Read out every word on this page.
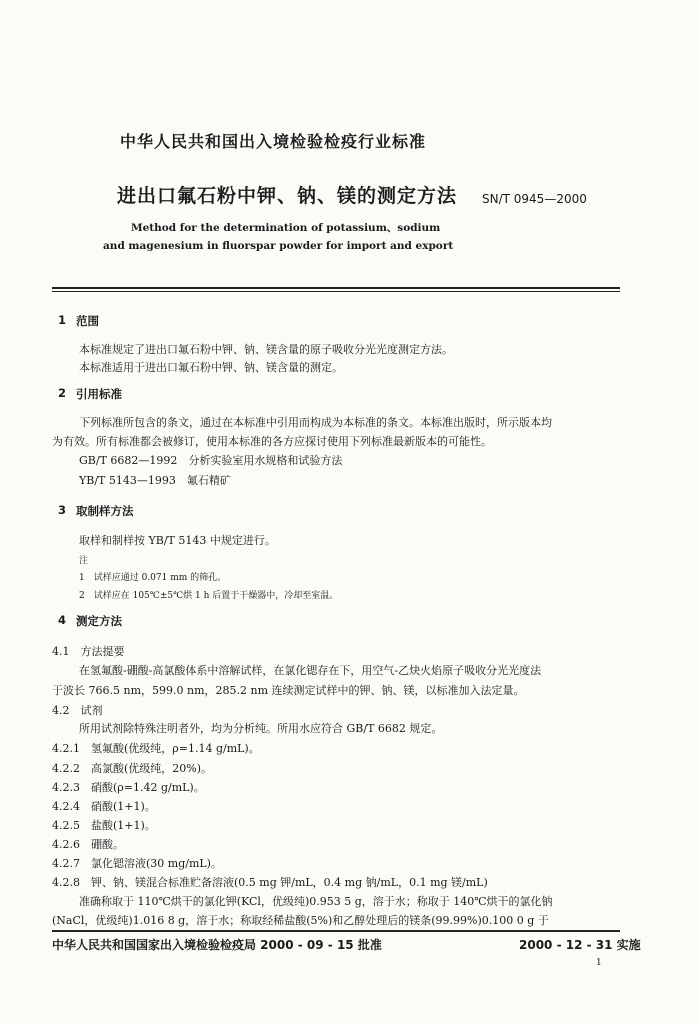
中华人民共和国出入境检验检疫行业标准
进出口氟石粉中钾、钠、镁的测定方法 SN/T 0945—2000
Method for the determination of potassium、sodium
and magenesium in fluorspar powder for import and export
1 范围
本标准规定了进出口氟石粉中钾、钠、镁含量的原子吸收分光光度测定方法。
本标准适用于进出口氟石粉中钾、钠、镁含量的测定。
2 引用标准
下列标准所包含的条文，通过在本标准中引用而构成为本标准的条文。本标准出版时，所示版本均
为有效。所有标准都会被修订，使用本标准的各方应探讨使用下列标准最新版本的可能性。
GB/T 6682—1992　分析实验室用水规格和试验方法
YB/T 5143—1993　氟石精矿
3 取制样方法
取样和制样按 YB/T 5143 中规定进行。
注
1　试样应通过 0.071 mm 的筛孔。
2　试样应在 105℃±5℃烘 1 h 后置于干燥器中，冷却至室温。
4 测定方法
4.1　方法提要
在氢氟酸-硼酸-高氯酸体系中溶解试样，在氯化锶存在下，用空气-乙炔火焰原子吸收分光光度法
于波长 766.5 nm，599.0 nm，285.2 nm 连续测定试样中的钾、钠、镁，以标准加入法定量。
4.2　试剂
所用试剂除特殊注明者外，均为分析纯。所用水应符合 GB/T 6682 规定。
4.2.1　氢氟酸(优级纯，ρ=1.14 g/mL)。
4.2.2　高氯酸(优级纯，20%)。
4.2.3　硝酸(ρ=1.42 g/mL)。
4.2.4　硝酸(1+1)。
4.2.5　盐酸(1+1)。
4.2.6　硼酸。
4.2.7　氯化锶溶液(30 mg/mL)。
4.2.8　钾、钠、镁混合标准贮备溶液(0.5 mg 钾/mL，0.4 mg 钠/mL，0.1 mg 镁/mL)
准确称取于 110℃烘干的氯化钾(KCl，优级纯)0.953 5 g，溶于水；称取于 140℃烘干的氯化钠
(NaCl，优级纯)1.016 8 g，溶于水；称取经稀盐酸(5%)和乙醇处理后的镁条(99.99%)0.100 0 g 于
中华人民共和国国家出入境检验检疫局 2000 - 09 - 15 批准	2000 - 12 - 31 实施
1
